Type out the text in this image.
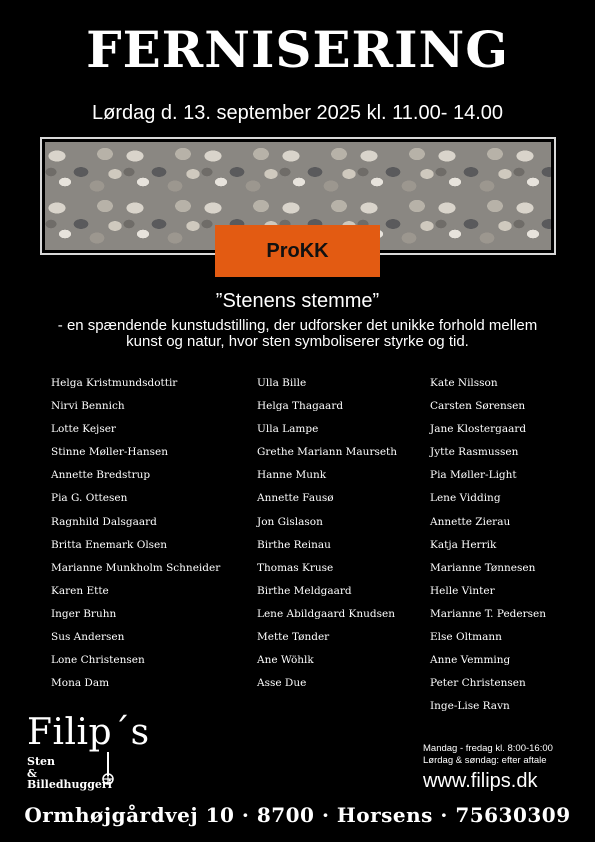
FERNISERING
Lørdag d. 13. september 2025 kl. 11.00- 14.00
ProKK
”Stenens stemme”
- en spændende kunstudstilling, der udforsker det unikke forhold mellem kunst og natur, hvor sten symboliserer styrke og tid.
Helga Kristmundsdottir
Nirvi Bennich
Lotte Kejser
Stinne Møller-Hansen
Annette Bredstrup
Pia G. Ottesen
Ragnhild Dalsgaard
Britta Enemark Olsen
Marianne Munkholm Schneider
Karen Ette
Inger Bruhn
Sus Andersen
Lone Christensen
Mona Dam
Ulla Bille
Helga Thagaard
Ulla Lampe
Grethe Mariann Maurseth
Hanne Munk
Annette Fausø
Jon Gislason
Birthe Reinau
Thomas Kruse
Birthe Meldgaard
Lene Abildgaard Knudsen
Mette Tønder
Ane Wöhlk
Asse Due
Kate Nilsson
Carsten Sørensen
Jane Klostergaard
Jytte Rasmussen
Pia Møller-Light
Lene Vidding
Annette Zierau
Katja Herrik
Marianne Tønnesen
Helle Vinter
Marianne T. Pedersen
Else Oltmann
Anne Vemming
Peter Christensen
Inge-Lise Ravn
Filip´s
Sten
&
Billedhuggeri
Mandag - fredag kl. 8:00-16:00
Lørdag & søndag: efter aftale
www.filips.dk
Ormhøjgårdvej 10 · 8700 · Horsens · 75630309
